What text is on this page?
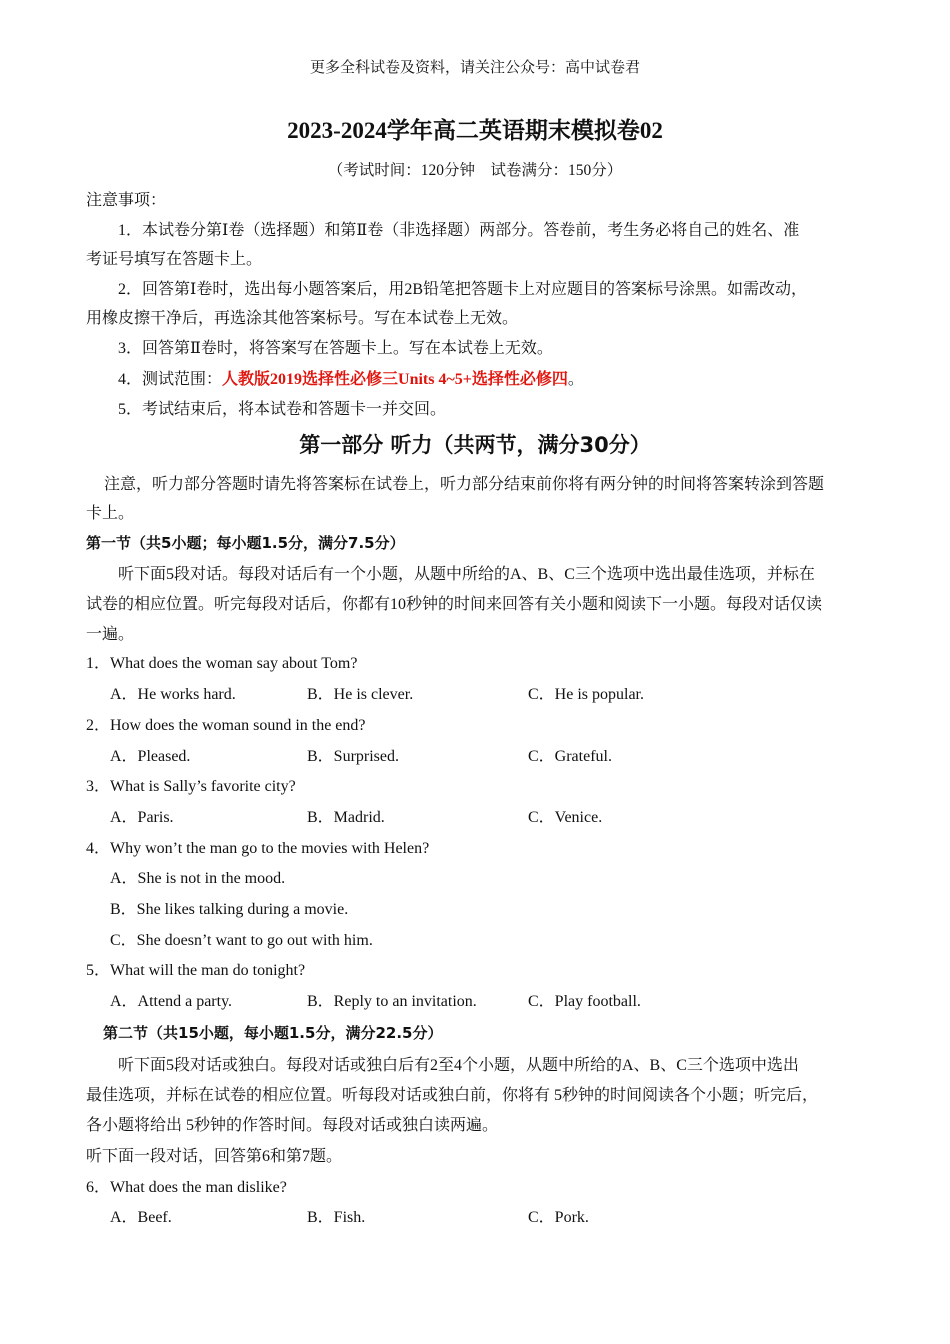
更多全科试卷及资料，请关注公众号：高中试卷君
2023-2024学年高二英语期末模拟卷02
（考试时间：120分钟　试卷满分：150分）
注意事项：
1．本试卷分第Ⅰ卷（选择题）和第Ⅱ卷（非选择题）两部分。答卷前，考生务必将自己的姓名、准
考证号填写在答题卡上。
2．回答第Ⅰ卷时，选出每小题答案后，用2B铅笔把答题卡上对应题目的答案标号涂黑。如需改动，
用橡皮擦干净后，再选涂其他答案标号。写在本试卷上无效。
3．回答第Ⅱ卷时，将答案写在答题卡上。写在本试卷上无效。
4．测试范围：人教版2019选择性必修三Units 4~5+选择性必修四。
5．考试结束后，将本试卷和答题卡一并交回。
第一部分 听力（共两节，满分30分）
注意，听力部分答题时请先将答案标在试卷上，听力部分结束前你将有两分钟的时间将答案转涂到答题
卡上。
第一节（共5小题；每小题1.5分，满分7.5分）
听下面5段对话。每段对话后有一个小题，从题中所给的A、B、C三个选项中选出最佳选项，并标在
试卷的相应位置。听完每段对话后，你都有10秒钟的时间来回答有关小题和阅读下一小题。每段对话仅读
一遍。
1．What does the woman say about Tom?
A．He works hard.	B．He is clever.	C．He is popular.
2．How does the woman sound in the end?
A．Pleased.	B．Surprised.	C．Grateful.
3．What is Sally’s favorite city?
A．Paris.	B．Madrid.	C．Venice.
4．Why won’t the man go to the movies with Helen?
A．She is not in the mood.
B．She likes talking during a movie.
C．She doesn’t want to go out with him.
5．What will the man do tonight?
A．Attend a party.	B．Reply to an invitation.	C．Play football.
第二节（共15小题，每小题1.5分，满分22.5分）
听下面5段对话或独白。每段对话或独白后有2至4个小题，从题中所给的A、B、C三个选项中选出
最佳选项，并标在试卷的相应位置。听每段对话或独白前，你将有 5秒钟的时间阅读各个小题；听完后，
各小题将给出 5秒钟的作答时间。每段对话或独白读两遍。
听下面一段对话，回答第6和第7题。
6．What does the man dislike?
A．Beef.	B．Fish.	C．Pork.
